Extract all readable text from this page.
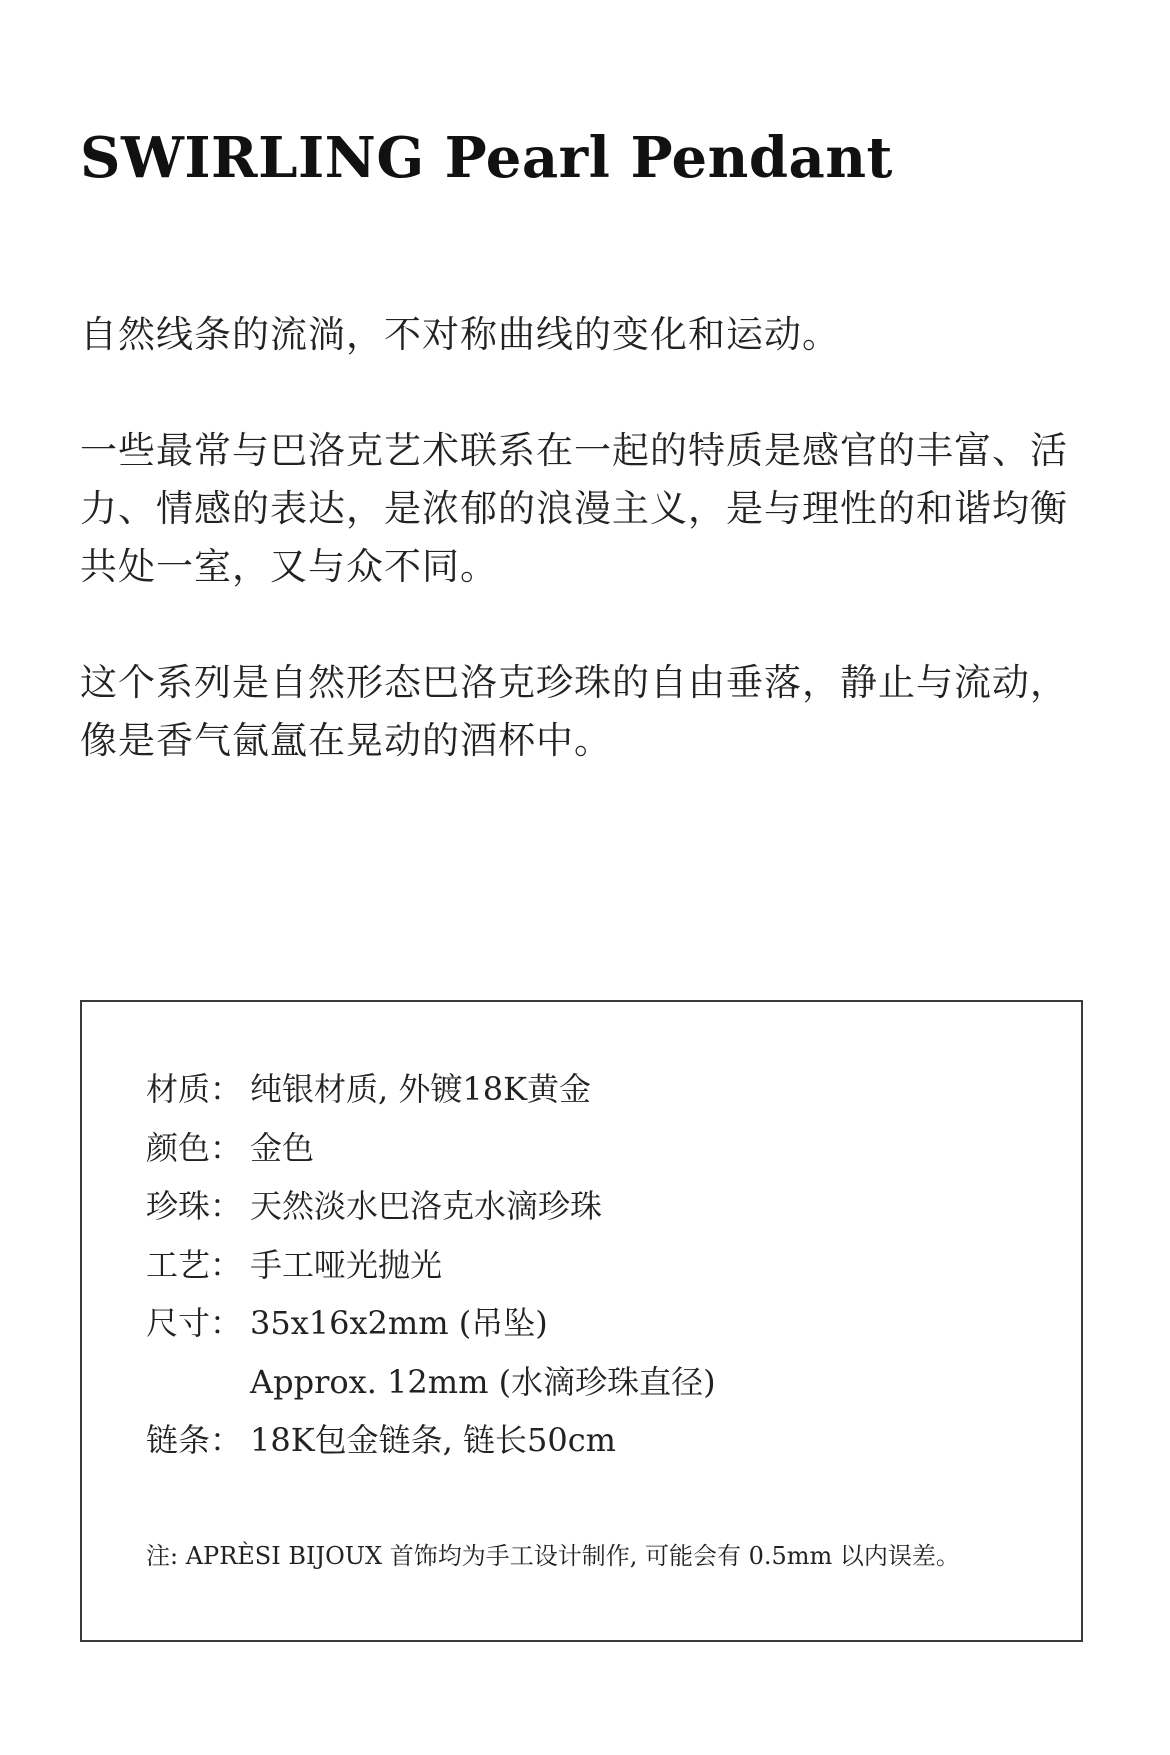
SWIRLING Pearl Pendant

自然线条的流淌，不对称曲线的变化和运动。

一些最常与巴洛克艺术联系在一起的特质是感官的丰富、活力、情感的表达，是浓郁的浪漫主义，是与理性的和谐均衡共处一室，又与众不同。

这个系列是自然形态巴洛克珍珠的自由垂落，静止与流动，像是香气氤氲在晃动的酒杯中。

材质： 纯银材质, 外镀18K黄金
颜色： 金色
珍珠： 天然淡水巴洛克水滴珍珠
工艺： 手工哑光抛光
尺寸： 35x16x2mm (吊坠)
Approx. 12mm (水滴珍珠直径)
链条： 18K包金链条, 链长50cm
注: APRÈSI BIJOUX 首饰均为手工设计制作, 可能会有 0.5mm 以内误差。
